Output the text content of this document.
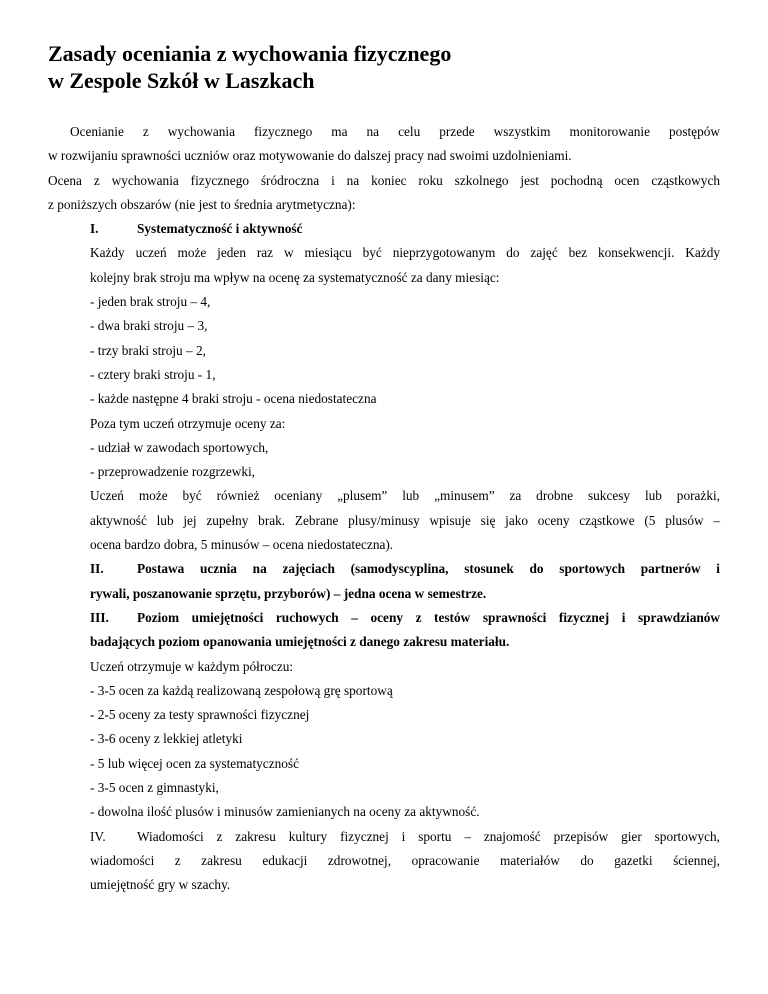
Zasady oceniania z wychowania fizycznego
w Zespole Szkół w Laszkach

Ocenianie z wychowania fizycznego ma na celu przede wszystkim monitorowanie postępów

w rozwijaniu sprawności uczniów oraz motywowanie do dalszej pracy nad swoimi uzdolnieniami.

Ocena z wychowania fizycznego śródroczna i na koniec roku szkolnego jest pochodną ocen cząstkowych

z poniższych obszarów (nie jest to średnia arytmetyczna):

I.	Systematyczność i aktywność

Każdy uczeń może jeden raz w miesiącu być nieprzygotowanym do zajęć bez konsekwencji. Każdy

kolejny brak stroju ma wpływ na ocenę za systematyczność za dany miesiąc:

- jeden brak stroju – 4,

- dwa braki stroju – 3,

- trzy braki stroju – 2,

- cztery braki stroju - 1,

- każde następne 4 braki stroju - ocena niedostateczna

Poza tym uczeń otrzymuje oceny za:

- udział w zawodach sportowych,

- przeprowadzenie rozgrzewki,

Uczeń może być również oceniany „plusem” lub „minusem” za drobne sukcesy lub porażki,

aktywność lub jej zupełny brak. Zebrane plusy/minusy wpisuje się jako oceny cząstkowe (5 plusów –

ocena bardzo dobra, 5 minusów – ocena niedostateczna).

II.	Postawa ucznia na zajęciach (samodyscyplina, stosunek do sportowych partnerów i

rywali, poszanowanie sprzętu, przyborów) – jedna ocena w semestrze.

III.	Poziom umiejętności ruchowych – oceny z testów sprawności fizycznej i sprawdzianów

badających poziom opanowania umiejętności z danego zakresu materiału.

Uczeń otrzymuje w każdym półroczu:

- 3-5 ocen za każdą realizowaną zespołową grę sportową

- 2-5 oceny za testy sprawności fizycznej

- 3-6 oceny z lekkiej atletyki

- 5 lub więcej ocen za systematyczność

- 3-5 ocen z gimnastyki,

- dowolna ilość plusów i minusów zamienianych na oceny za aktywność.

IV.	Wiadomości z zakresu kultury fizycznej i sportu – znajomość przepisów gier sportowych,

wiadomości z zakresu edukacji zdrowotnej, opracowanie materiałów do gazetki ściennej,

umiejętność gry w szachy.
